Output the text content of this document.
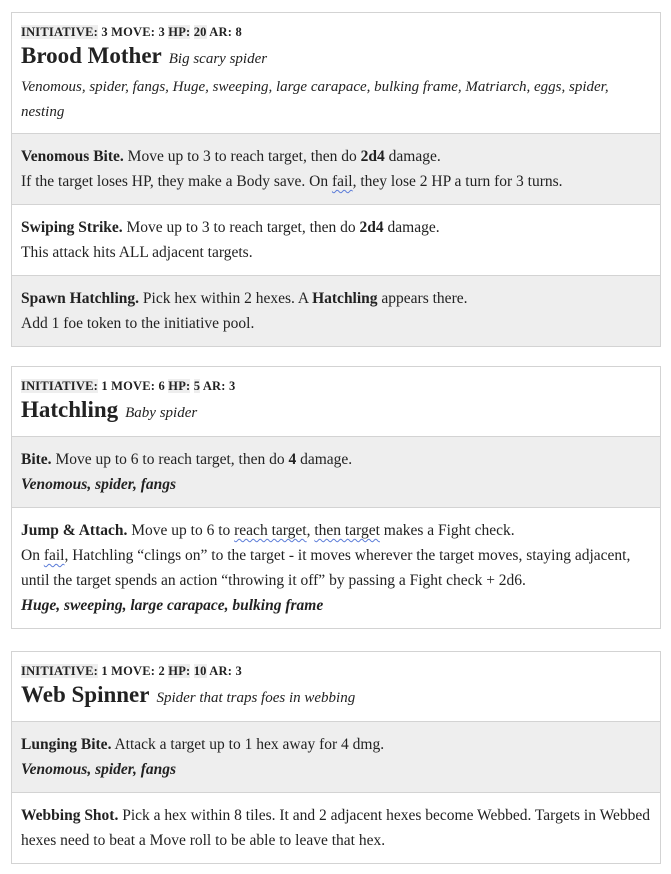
INITIATIVE: 3 MOVE: 3 HP: 20 AR: 8
Brood Mother Big scary spider
Venomous, spider, fangs, Huge, sweeping, large carapace, bulking frame, Matriarch, eggs, spider, nesting
Venomous Bite. Move up to 3 to reach target, then do 2d4 damage.
If the target loses HP, they make a Body save. On fail, they lose 2 HP a turn for 3 turns.
Swiping Strike. Move up to 3 to reach target, then do 2d4 damage.
This attack hits ALL adjacent targets.
Spawn Hatchling. Pick hex within 2 hexes. A Hatchling appears there.
Add 1 foe token to the initiative pool.
INITIATIVE: 1 MOVE: 6 HP: 5 AR: 3
Hatchling Baby spider
Bite. Move up to 6 to reach target, then do 4 damage.
Venomous, spider, fangs
Jump & Attach. Move up to 6 to reach target, then target makes a Fight check.
On fail, Hatchling “clings on” to the target - it moves wherever the target moves, staying adjacent, until the target spends an action “throwing it off” by passing a Fight check + 2d6.
Huge, sweeping, large carapace, bulking frame
INITIATIVE: 1 MOVE: 2 HP: 10 AR: 3
Web Spinner Spider that traps foes in webbing
Lunging Bite. Attack a target up to 1 hex away for 4 dmg.
Venomous, spider, fangs
Webbing Shot. Pick a hex within 8 tiles. It and 2 adjacent hexes become Webbed. Targets in Webbed hexes need to beat a Move roll to be able to leave that hex.
